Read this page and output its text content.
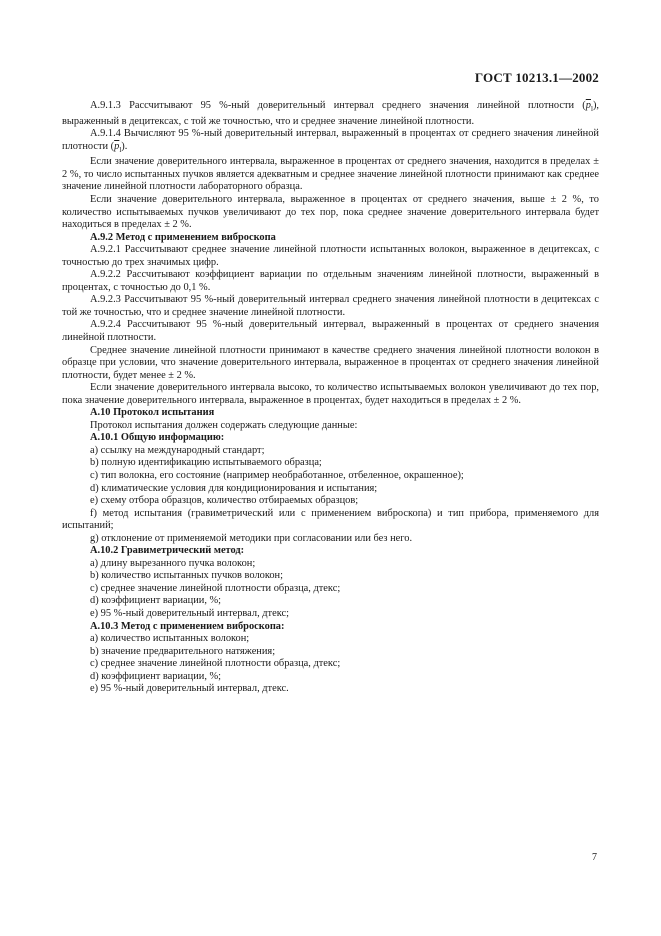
ГОСТ 10213.1—2002

А.9.1.3 Рассчитывают 95 %-ный доверительный интервал среднего значения линейной плотности $(\overline{p}_l)$, выраженный в децитексах, с той же точностью, что и среднее значение линейной плотности.

А.9.1.4 Вычисляют 95 %-ный доверительный интервал, выраженный в процентах от среднего значения линейной плотности $(\overline{p}_l)$.

Если значение доверительного интервала, выраженное в процентах от среднего значения, находится в пределах ± 2 %, то число испытанных пучков является адекватным и среднее значение линейной плотности принимают как среднее значение линейной плотности лабораторного образца.

Если значение доверительного интервала, выраженное в процентах от среднего значения, выше ± 2 %, то количество испытываемых пучков увеличивают до тех пор, пока среднее значение доверительного интервала будет находиться в пределах ± 2 %.

А.9.2 Метод с применением виброскопа

А.9.2.1 Рассчитывают среднее значение линейной плотности испытанных волокон, выраженное в децитексах, с точностью до трех значимых цифр.

А.9.2.2 Рассчитывают коэффициент вариации по отдельным значениям линейной плотности, выраженный в процентах, с точностью до 0,1 %.

А.9.2.3 Рассчитывают 95 %-ный доверительный интервал среднего значения линейной плотности в децитексах с той же точностью, что и среднее значение линейной плотности.

А.9.2.4 Рассчитывают 95 %-ный доверительный интервал, выраженный в процентах от среднего значения линейной плотности.

Среднее значение линейной плотности принимают в качестве среднего значения линейной плотности волокон в образце при условии, что значение доверительного интервала, выраженное в процентах от среднего значения линейной плотности, будет менее ± 2 %.

Если значение доверительного интервала высоко, то количество испытываемых волокон увеличивают до тех пор, пока значение доверительного интервала, выраженное в процентах, будет находиться в пределах ± 2 %.

А.10 Протокол испытания

Протокол испытания должен содержать следующие данные:

А.10.1 Общую информацию:

a) ссылку на международный стандарт;

b) полную идентификацию испытываемого образца;

c) тип волокна, его состояние (например необработанное, отбеленное, окрашенное);

d) климатические условия для кондиционирования и испытания;

e) схему отбора образцов, количество отбираемых образцов;

f) метод испытания (гравиметрический или с применением виброскопа) и тип прибора, применяемого для испытаний;

g) отклонение от применяемой методики при согласовании или без него.

А.10.2 Гравиметрический метод:

a) длину вырезанного пучка волокон;

b) количество испытанных пучков волокон;

c) среднее значение линейной плотности образца, дтекс;

d) коэффициент вариации, %;

e) 95 %-ный доверительный интервал, дтекс;

А.10.3 Метод с применением виброскопа:

a) количество испытанных волокон;

b) значение предварительного натяжения;

c) среднее значение линейной плотности образца, дтекс;

d) коэффициент вариации, %;

e) 95 %-ный доверительный интервал, дтекс.

7
